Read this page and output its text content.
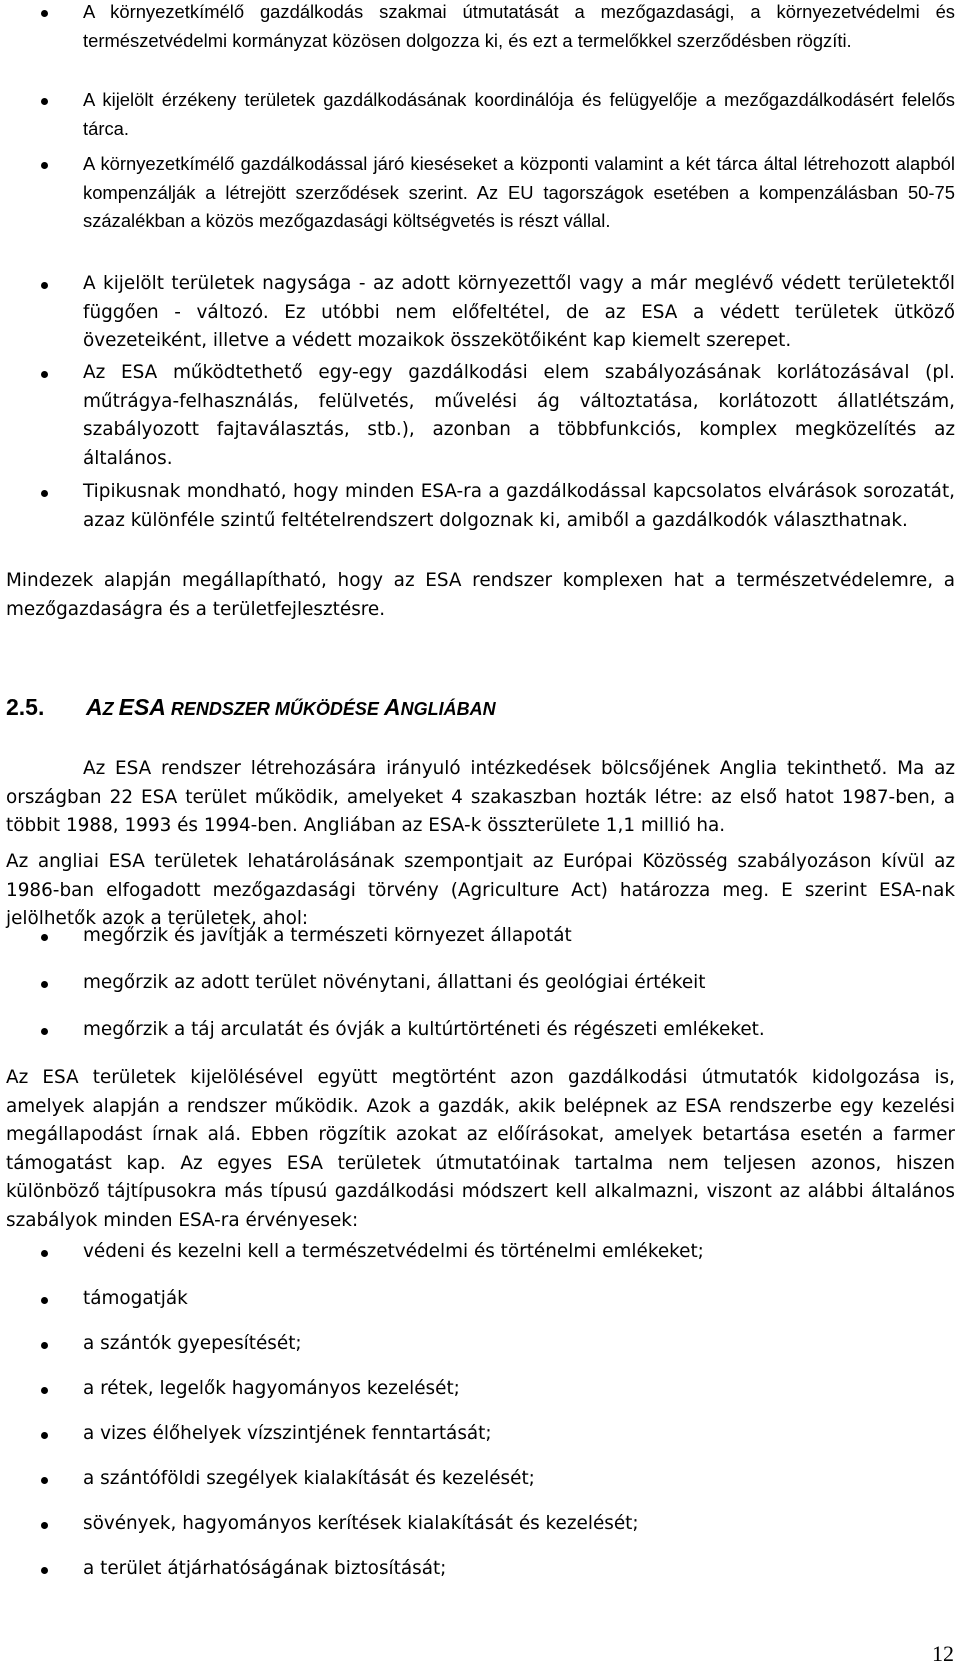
A környezetkímélő gazdálkodás szakmai útmutatását a mezőgazdasági, a környezetvédelmi és természetvédelmi kormányzat közösen dolgozza ki, és ezt a termelőkkel szerződésben rögzíti.
A kijelölt érzékeny területek gazdálkodásának koordinálója és felügyelője a mezőgazdálkodásért felelős tárca.
A környezetkímélő gazdálkodással járó kieséseket a központi valamint a két tárca által létrehozott alapból kompenzálják a létrejött szerződések szerint. Az EU tagországok esetében a kompenzálásban 50-75 százalékban a közös mezőgazdasági költségvetés is részt vállal.
A kijelölt területek nagysága - az adott környezettől vagy a már meglévő védett területektől függően - változó. Ez utóbbi nem előfeltétel, de az ESA a védett területek ütköző övezeteiként, illetve a védett mozaikok összekötőiként kap kiemelt szerepet.
Az ESA működtethető egy-egy gazdálkodási elem szabályozásának korlátozásával (pl. műtrágya-felhasználás, felülvetés, művelési ág változtatása, korlátozott állatlétszám, szabályozott fajtaválasztás, stb.), azonban a többfunkciós, komplex megközelítés az általános.
Tipikusnak mondható, hogy minden ESA-ra a gazdálkodással kapcsolatos elvárások sorozatát, azaz különféle szintű feltételrendszert dolgoznak ki, amiből a gazdálkodók választhatnak.
Mindezek alapján megállapítható, hogy az ESA rendszer komplexen hat a természetvédelemre, a mezőgazdaságra és a területfejlesztésre.
2.5. AZ ESA RENDSZER MŰKÖDÉSE ANGLIÁBAN
Az ESA rendszer létrehozására irányuló intézkedések bölcsőjének Anglia tekinthető. Ma az országban 22 ESA terület működik, amelyeket 4 szakaszban hozták létre: az első hatot 1987-ben, a többit 1988, 1993 és 1994-ben. Angliában az ESA-k összterülete 1,1 millió ha.
Az angliai ESA területek lehatárolásának szempontjait az Európai Közösség szabályozáson kívül az 1986-ban elfogadott mezőgazdasági törvény (Agriculture Act) határozza meg. E szerint ESA-nak jelölhetők azok a területek, ahol:
megőrzik és javítják a természeti környezet állapotát
megőrzik az adott terület növénytani, állattani és geológiai értékeit
megőrzik a táj arculatát és óvják a kultúrtörténeti és régészeti emlékeket.
Az ESA területek kijelölésével együtt megtörtént azon gazdálkodási útmutatók kidolgozása is, amelyek alapján a rendszer működik. Azok a gazdák, akik belépnek az ESA rendszerbe egy kezelési megállapodást írnak alá. Ebben rögzítik azokat az előírásokat, amelyek betartása esetén a farmer támogatást kap. Az egyes ESA területek útmutatóinak tartalma nem teljesen azonos, hiszen különböző tájtípusokra más típusú gazdálkodási módszert kell alkalmazni, viszont az alábbi általános szabályok minden ESA-ra érvényesek:
védeni és kezelni kell a természetvédelmi és történelmi emlékeket;
támogatják
a szántók gyepesítését;
a rétek, legelők hagyományos kezelését;
a vizes élőhelyek vízszintjének fenntartását;
a szántóföldi szegélyek kialakítását és kezelését;
sövények, hagyományos kerítések kialakítását és kezelését;
a terület átjárhatóságának biztosítását;
12
